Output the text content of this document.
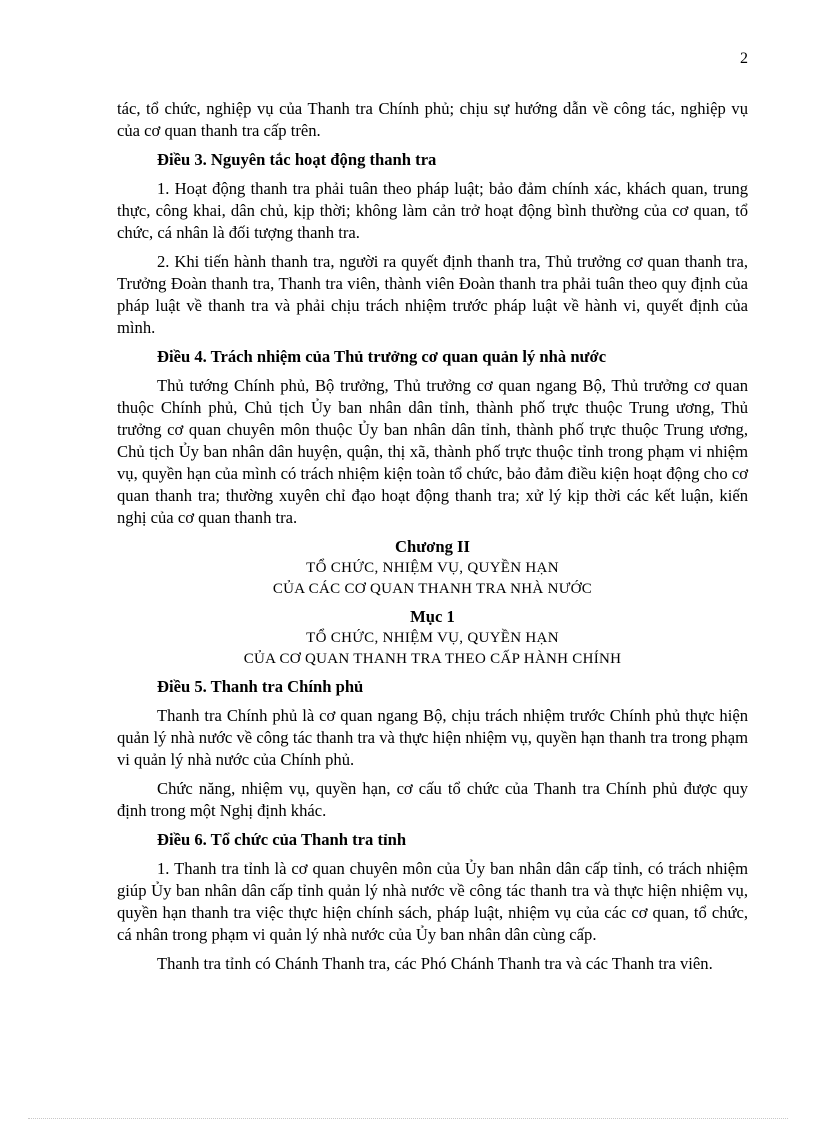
2

tác, tổ chức, nghiệp vụ của Thanh tra Chính phủ; chịu sự hướng dẫn về công tác, nghiệp vụ của cơ quan thanh tra cấp trên.

Điều 3. Nguyên tắc hoạt động thanh tra

1. Hoạt động thanh tra phải tuân theo pháp luật; bảo đảm chính xác, khách quan, trung thực, công khai, dân chủ, kịp thời; không làm cản trở hoạt động bình thường của cơ quan, tổ chức, cá nhân là đối tượng thanh tra.

2. Khi tiến hành thanh tra, người ra quyết định thanh tra, Thủ trưởng cơ quan thanh tra, Trưởng Đoàn thanh tra, Thanh tra viên, thành viên Đoàn thanh tra phải tuân theo quy định của pháp luật về thanh tra và phải chịu trách nhiệm trước pháp luật về hành vi, quyết định của mình.

Điều 4. Trách nhiệm của Thủ trưởng cơ quan quản lý nhà nước

Thủ tướng Chính phủ, Bộ trưởng, Thủ trưởng cơ quan ngang Bộ, Thủ trưởng cơ quan thuộc Chính phủ, Chủ tịch Ủy ban nhân dân tỉnh, thành phố trực thuộc Trung ương, Thủ trưởng cơ quan chuyên môn thuộc Ủy ban nhân dân tỉnh, thành phố trực thuộc Trung ương, Chủ tịch Ủy ban nhân dân huyện, quận, thị xã, thành phố trực thuộc tỉnh trong phạm vi nhiệm vụ, quyền hạn của mình có trách nhiệm kiện toàn tổ chức, bảo đảm điều kiện hoạt động cho cơ quan thanh tra; thường xuyên chỉ đạo hoạt động thanh tra; xử lý kịp thời các kết luận, kiến nghị của cơ quan thanh tra.

Chương II
TỔ CHỨC, NHIỆM VỤ, QUYỀN HẠN
CỦA CÁC CƠ QUAN THANH TRA NHÀ NƯỚC
Mục 1
TỔ CHỨC, NHIỆM VỤ, QUYỀN HẠN
CỦA CƠ QUAN THANH TRA THEO CẤP HÀNH CHÍNH

Điều 5. Thanh tra Chính phủ

Thanh tra Chính phủ là cơ quan ngang Bộ, chịu trách nhiệm trước Chính phủ thực hiện quản lý nhà nước về công tác thanh tra và thực hiện nhiệm vụ, quyền hạn thanh tra trong phạm vi quản lý nhà nước của Chính phủ.

Chức năng, nhiệm vụ, quyền hạn, cơ cấu tổ chức của Thanh tra Chính phủ được quy định trong một Nghị định khác.

Điều 6. Tổ chức của Thanh tra tỉnh

1. Thanh tra tỉnh là cơ quan chuyên môn của Ủy ban nhân dân cấp tỉnh, có trách nhiệm giúp Ủy ban nhân dân cấp tỉnh quản lý nhà nước về công tác thanh tra và thực hiện nhiệm vụ, quyền hạn thanh tra việc thực hiện chính sách, pháp luật, nhiệm vụ của các cơ quan, tổ chức, cá nhân trong phạm vi quản lý nhà nước của Ủy ban nhân dân cùng cấp.

Thanh tra tỉnh có Chánh Thanh tra, các Phó Chánh Thanh tra và các Thanh tra viên.
